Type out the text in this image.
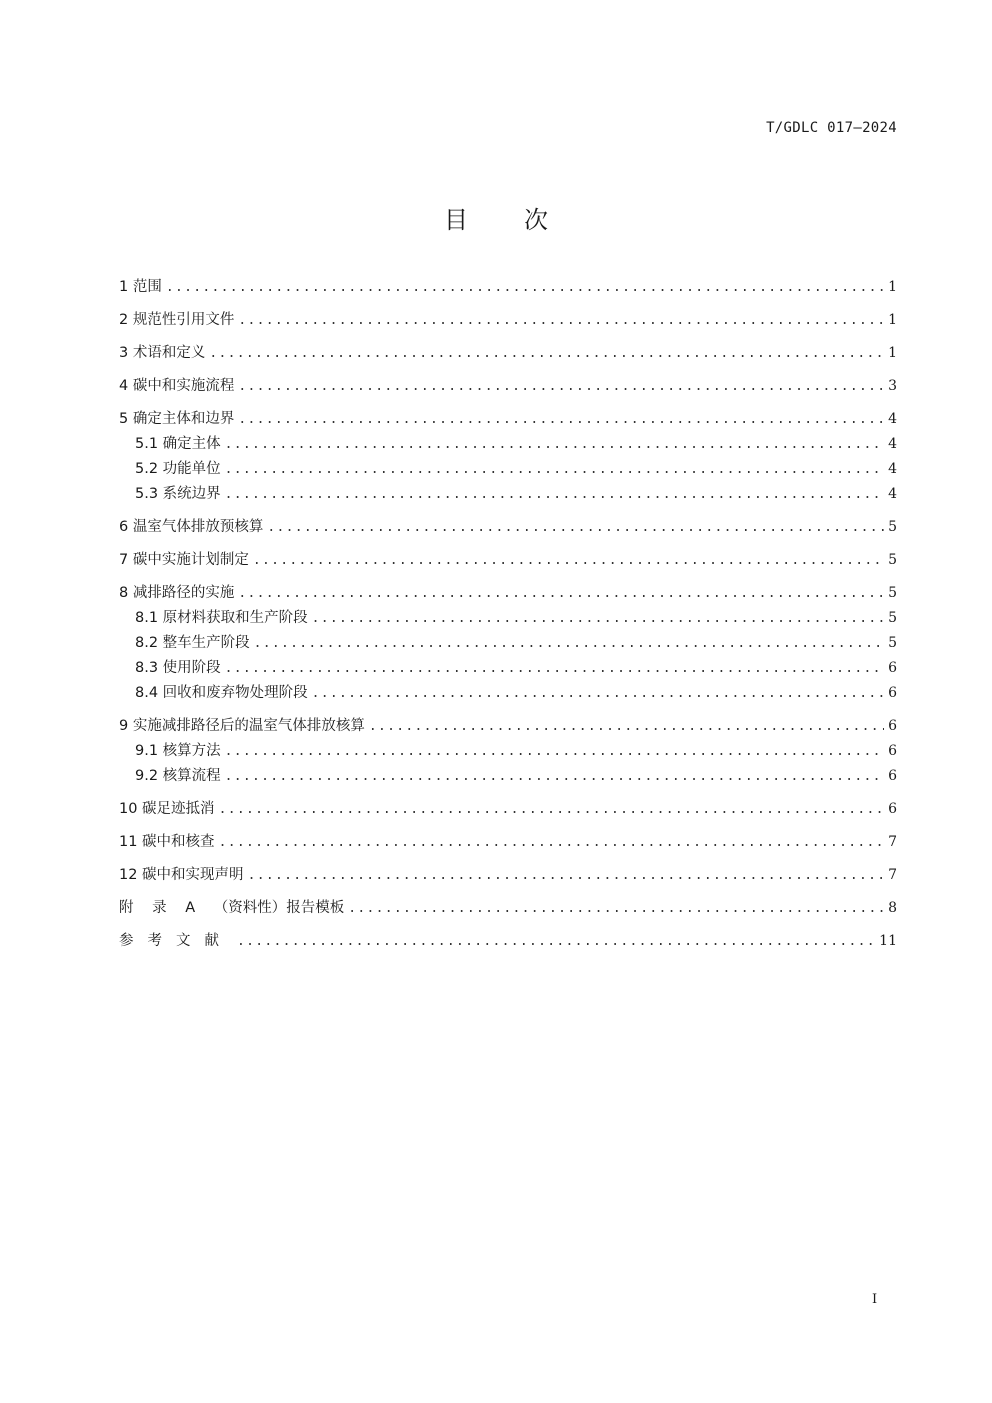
T/GDLC 017—2024
目 次
1 范围 .....	1
2 规范性引用文件 .....	1
3 术语和定义 .....	1
4 碳中和实施流程 .....	3
5 确定主体和边界 .....	4
5.1 确定主体 .....	4
5.2 功能单位 .....	4
5.3 系统边界 .....	4
6 温室气体排放预核算 .....	5
7 碳中实施计划制定 .....	5
8 减排路径的实施 .....	5
8.1 原材料获取和生产阶段 .....	5
8.2 整车生产阶段 .....	5
8.3 使用阶段 .....	6
8.4 回收和废弃物处理阶段 .....	6
9 实施减排路径后的温室气体排放核算 .....	6
9.1 核算方法 .....	6
9.2 核算流程 .....	6
10 碳足迹抵消 .....	6
11 碳中和核查 .....	7
12 碳中和实现声明 .....	7
附 录 A （资料性）报告模板 .....	8
参考文献 .....	11
I
